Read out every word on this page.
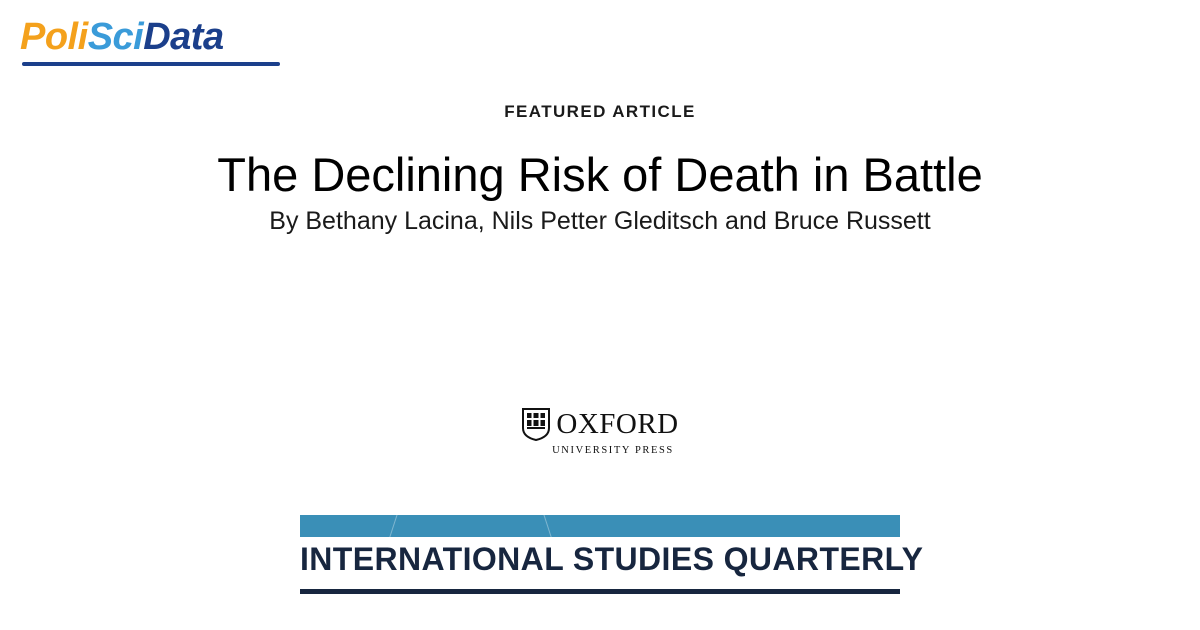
PoliSciData
FEATURED ARTICLE
The Declining Risk of Death in Battle
By Bethany Lacina, Nils Petter Gleditsch and Bruce Russett
OXFORD
UNIVERSITY PRESS
INTERNATIONAL STUDIES QUARTERLY
